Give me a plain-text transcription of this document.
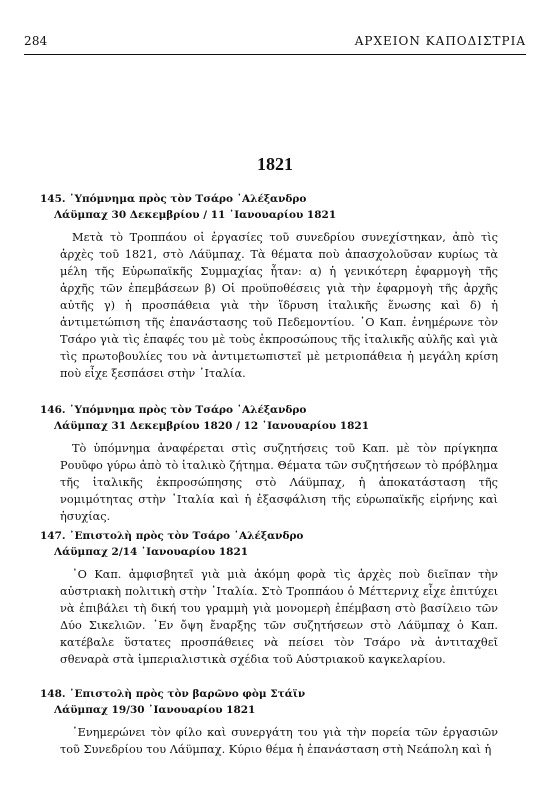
284	ΑΡΧΕΙΟΝ ΚΑΠΟΔΙΣΤΡΙΑ
1821
145. ῾Υπόμνημα πρὸς τὸν Τσάρο ᾿Αλέξανδρο
Λάϋμπαχ 30 Δεκεμβρίου / 11 ᾿Ιανουαρίου 1821
Μετὰ τὸ Τροππάου οἱ ἐργασίες τοῦ συνεδρίου συνεχίστηκαν, ἀπὸ τὶς ἀρχὲς τοῦ 1821, στὸ Λάϋμπαχ. Τὰ θέματα ποὺ ἀπασχολοῦσαν κυρίως τὰ μέλη τῆς Εὐρωπαϊκῆς Συμμαχίας ἦταν: α) ἡ γενικότερη ἐφαρμογὴ τῆς ἀρχῆς τῶν ἐπεμβάσεων β) Οἱ προϋποθέσεις γιὰ τὴν ἐφαρμογὴ τῆς ἀρχῆς αὐτῆς γ) ἡ προσπάθεια γιὰ τὴν ἵδρυση ἰταλικῆς ἕνωσης καὶ δ) ἡ ἀντιμετώπιση τῆς ἐπανάστασης τοῦ Πεδεμοντίου. ᾿Ο Καπ. ἐνημέρωνε τὸν Τσάρο γιὰ τὶς ἐπαφές του μὲ τοὺς ἐκπροσώπους τῆς ἰταλικῆς αὐλῆς καὶ γιὰ τὶς πρωτοβουλίες του νὰ ἀντιμετωπιστεῖ μὲ μετριοπάθεια ἡ μεγάλη κρίση ποὺ εἶχε ξεσπάσει στὴν ᾿Ιταλία.
146. ῾Υπόμνημα πρὸς τὸν Τσάρο ᾿Αλέξανδρο
Λάϋμπαχ 31 Δεκεμβρίου 1820 / 12 ᾿Ιανουαρίου 1821
Τὸ ὑπόμνημα ἀναφέρεται στὶς συζητήσεις τοῦ Καπ. μὲ τὸν πρίγκηπα Ρουῦφο γύρω ἀπὸ τὸ ἰταλικὸ ζήτημα. Θέματα τῶν συζητήσεων τὸ πρόβλημα τῆς ἰταλικῆς ἐκπροσώπησης στὸ Λάϋμπαχ, ἡ ἀποκατάσταση τῆς νομιμότητας στὴν ᾿Ιταλία καὶ ἡ ἐξασφάλιση τῆς εὐρωπαϊκῆς εἰρήνης καὶ ἡσυχίας.
147. ᾿Επιστολὴ πρὸς τὸν Τσάρο ᾿Αλέξανδρο
Λάϋμπαχ 2/14 ᾿Ιανουαρίου 1821
᾿Ο Καπ. ἀμφισβητεῖ γιὰ μιὰ ἀκόμη φορὰ τὶς ἀρχὲς ποὺ διεῖπαν τὴν αὐστριακὴ πολιτικὴ στὴν ᾿Ιταλία. Στὸ Τροππάου ὁ Μέττερνιχ εἶχε ἐπιτύχει νὰ ἐπιβάλει τὴ δική του γραμμὴ γιὰ μονομερὴ ἐπέμβαση στὸ βασίλειο τῶν Δύο Σικελιῶν. ᾿Εν ὄψη ἔναρξης τῶν συζητήσεων στὸ Λάϋμπαχ ὁ Καπ. κατέβαλε ὕστατες προσπάθειες νὰ πείσει τὸν Τσάρο νὰ ἀντιταχθεῖ σθεναρὰ στὰ ἰμπεριαλιστικὰ σχέδια τοῦ Αὐστριακοῦ καγκελαρίου.
148. ᾿Επιστολὴ πρὸς τὸν βαρῶνο φὸμ Στάϊν
Λάϋμπαχ 19/30 ᾿Ιανουαρίου 1821
᾿Ενημερώνει τὸν φίλο καὶ συνεργάτη του γιὰ τὴν πορεία τῶν ἐργασιῶν τοῦ Συνεδρίου του Λάϋμπαχ. Κύριο θέμα ἡ ἐπανάσταση στὴ Νεάπολη καὶ ἡ
